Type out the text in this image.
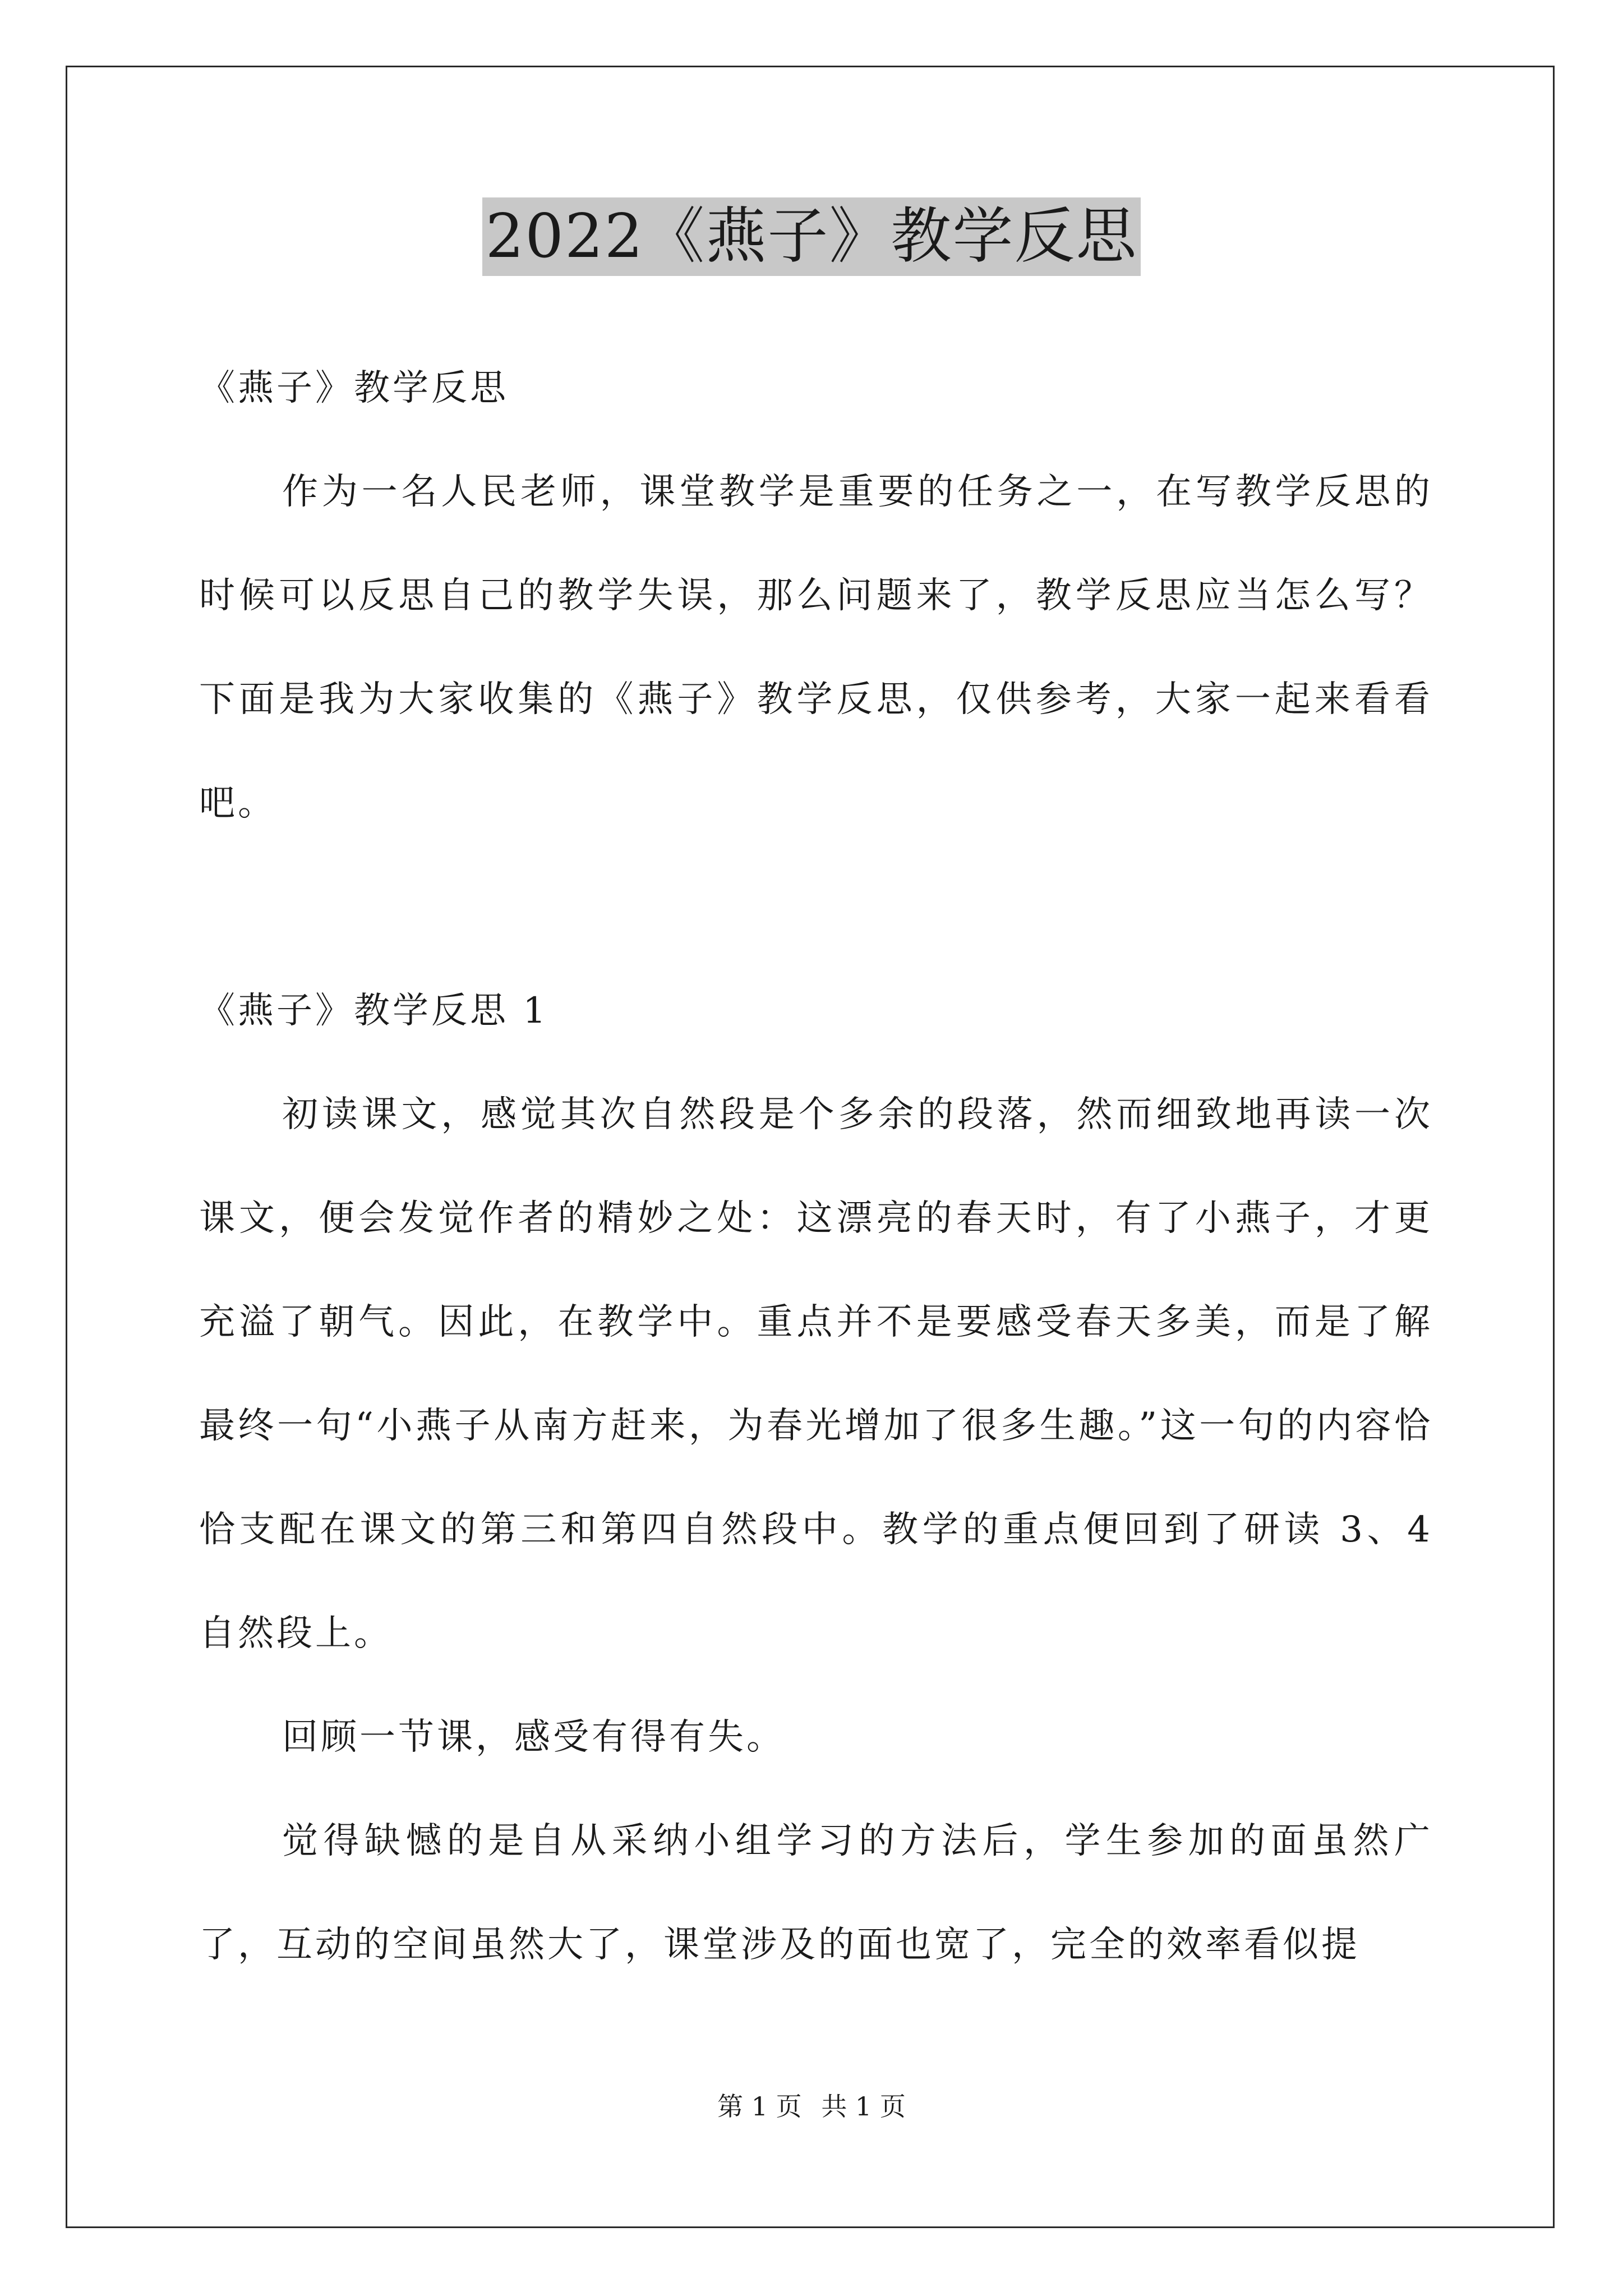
2022《燕子》教学反思

《燕子》教学反思

作为一名人民老师，课堂教学是重要的任务之一，在写教学反思的时候可以反思自己的教学失误，那么问题来了，教学反思应当怎么写？下面是我为大家收集的《燕子》教学反思，仅供参考，大家一起来看看吧。

《燕子》教学反思 1

初读课文，感觉其次自然段是个多余的段落，然而细致地再读一次课文，便会发觉作者的精妙之处：这漂亮的春天时，有了小燕子，才更充溢了朝气。因此，在教学中。重点并不是要感受春天多美，而是了解最终一句“小燕子从南方赶来，为春光增加了很多生趣。”这一句的内容恰恰支配在课文的第三和第四自然段中。教学的重点便回到了研读 3、4 自然段上。

回顾一节课，感受有得有失。

觉得缺憾的是自从采纳小组学习的方法后，学生参加的面虽然广了，互动的空间虽然大了，课堂涉及的面也宽了，完全的效率看似提

第 1 页 共 1 页
